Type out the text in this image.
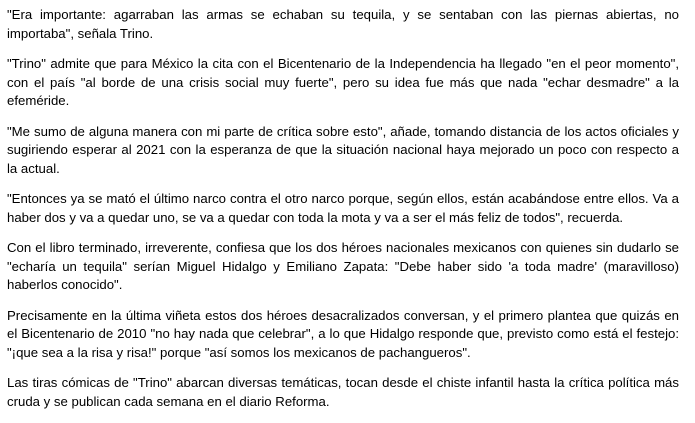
"Era importante: agarraban las armas se echaban su tequila, y se sentaban con las piernas abiertas, no importaba", señala Trino.

"Trino" admite que para México la cita con el Bicentenario de la Independencia ha llegado "en el peor momento", con el país "al borde de una crisis social muy fuerte", pero su idea fue más que nada "echar desmadre" a la efeméride.

"Me sumo de alguna manera con mi parte de crítica sobre esto", añade, tomando distancia de los actos oficiales y sugiriendo esperar al 2021 con la esperanza de que la situación nacional haya mejorado un poco con respecto a la actual.

"Entonces ya se mató el último narco contra el otro narco porque, según ellos, están acabándose entre ellos. Va a haber dos y va a quedar uno, se va a quedar con toda la mota y va a ser el más feliz de todos", recuerda.

Con el libro terminado, irreverente, confiesa que los dos héroes nacionales mexicanos con quienes sin dudarlo se "echaría un tequila" serían Miguel Hidalgo y Emiliano Zapata: "Debe haber sido 'a toda madre' (maravilloso) haberlos conocido".

Precisamente en la última viñeta estos dos héroes desacralizados conversan, y el primero plantea que quizás en el Bicentenario de 2010 "no hay nada que celebrar", a lo que Hidalgo responde que, previsto como está el festejo: "¡que sea a la risa y risa!" porque "así somos los mexicanos de pachangueros".

Las tiras cómicas de "Trino" abarcan diversas temáticas, tocan desde el chiste infantil hasta la crítica política más cruda y se publican cada semana en el diario Reforma.
